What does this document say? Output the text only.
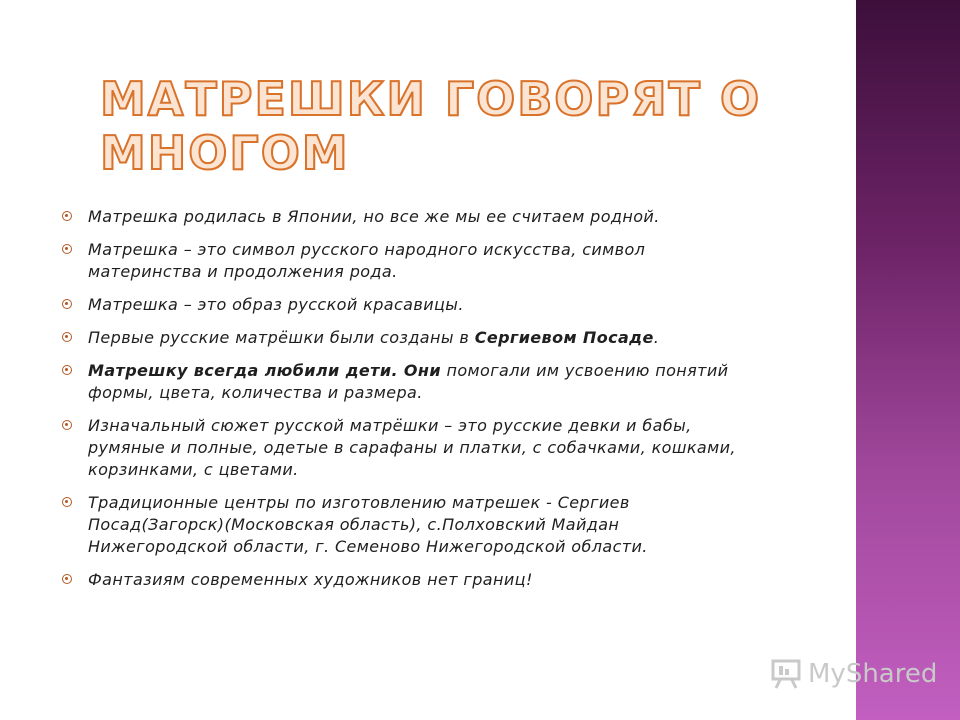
МАТРЕШКИ ГОВОРЯТ О МНОГОМ
Матрешка родилась в Японии, но все же мы ее считаем родной.
Матрешка – это символ русского народного искусства, символ материнства и продолжения рода.
Матрешка – это образ русской красавицы.
Первые русские матрёшки были созданы в Сергиевом Посаде.
Матрешку всегда любили дети. Они помогали им усвоению понятий формы, цвета, количества и размера.
Изначальный сюжет русской матрёшки – это русские девки и бабы, румяные и полные, одетые в сарафаны и платки, с собачками, кошками, корзинками, с цветами.
Традиционные центры по изготовлению матрешек - Сергиев Посад(Загорск)(Московская область), с.Полховский Майдан Нижегородской области, г. Семеново Нижегородской области.
Фантазиям современных художников нет границ!
MyShared
